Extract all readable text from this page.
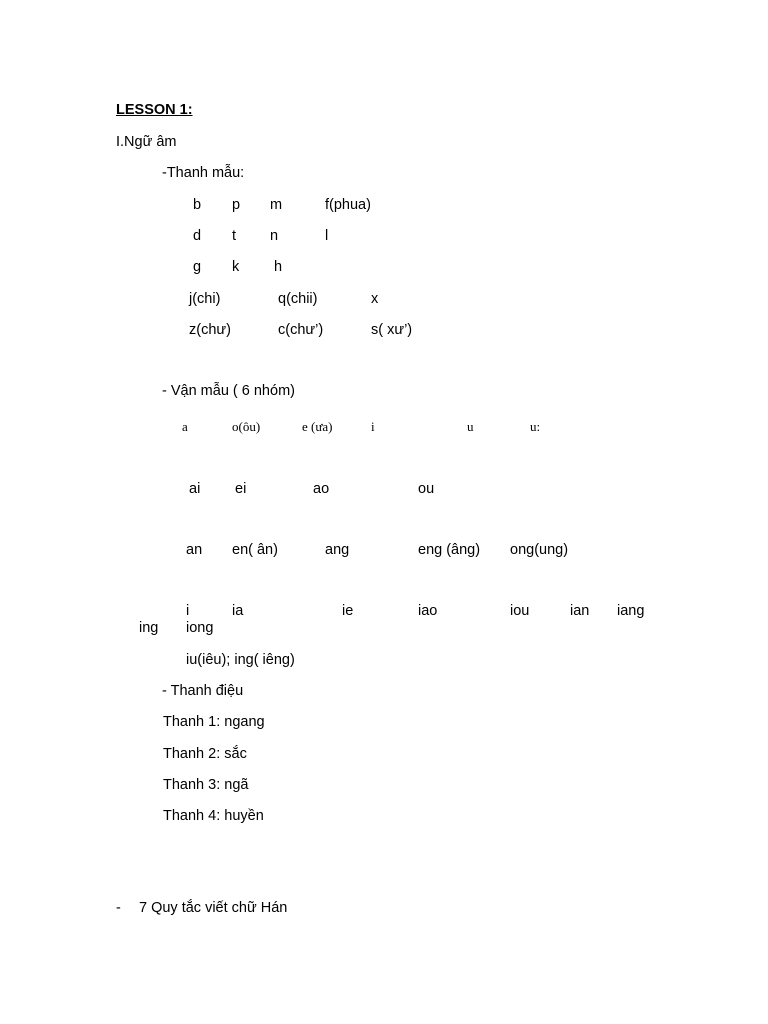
LESSON 1:
I.Ngữ âm
-Thanh mẫu:
b p m	f(phua)
d t n	l
g k h
j(chi)	q(chii)	x
z(chư)	c(chư’)	s( xư’)
- Vận mẫu ( 6 nhóm)
a	o(ôu)	e (ưa)	i	u	u:
ai ei	ao	ou
an en( ân)	ang	eng (âng) ong(ung)
i	ia	ie	iao	iou	ian iang
ing iong
iu(iêu); ing( iêng)
- Thanh điệu
Thanh 1: ngang
Thanh 2: sắc
Thanh 3: ngã
Thanh 4: huyền
- 7 Quy tắc viết chữ Hán
